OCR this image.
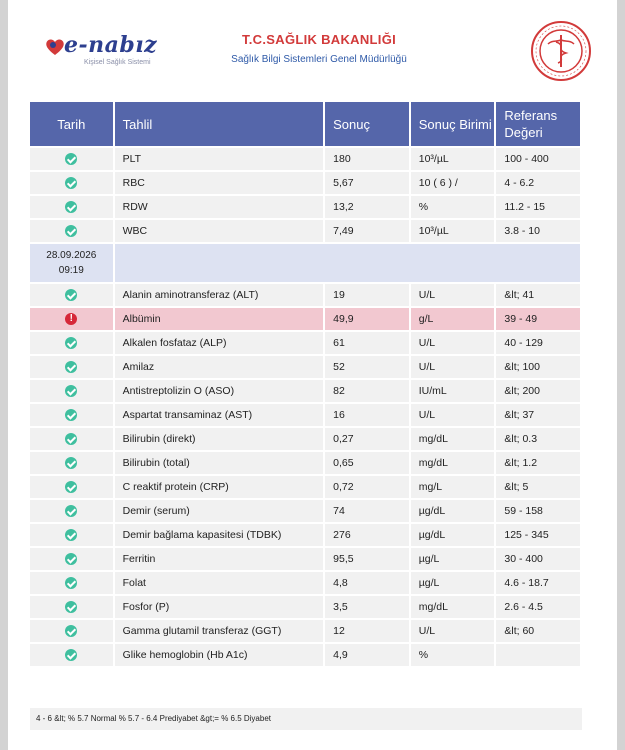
e-nabız
Kişisel Sağlık Sistemi
T.C.SAĞLIK BAKANLIĞI
Sağlık Bilgi Sistemleri Genel Müdürlüğü
Tarih	Tahlil	Sonuç	Sonuç Birimi	Referans Değeri
	PLT	180	10³/µL	100 - 400
	RBC	5,67	10 ( 6 ) /	4 - 6.2
	RDW	13,2	%	11.2 - 15
	WBC	7,49	10³/µL	3.8 - 10

28.09.2026
09:19				

	Alanin aminotransferaz (ALT)	19	U/L	&lt; 41
!	Albümin	49,9	g/L	39 - 49
	Alkalen fosfataz (ALP)	61	U/L	40 - 129
	Amilaz	52	U/L	&lt; 100
	Antistreptolizin O (ASO)	82	IU/mL	&lt; 200
	Aspartat transaminaz (AST)	16	U/L	&lt; 37
	Bilirubin (direkt)	0,27	mg/dL	&lt; 0.3
	Bilirubin (total)	0,65	mg/dL	&lt; 1.2
	C reaktif protein (CRP)	0,72	mg/L	&lt; 5
	Demir (serum)	74	µg/dL	59 - 158
	Demir bağlama kapasitesi (TDBK)	276	µg/dL	125 - 345
	Ferritin	95,5	µg/L	30 - 400
	Folat	4,8	µg/L	4.6 - 18.7
	Fosfor (P)	3,5	mg/dL	2.6 - 4.5
	Gamma glutamil transferaz (GGT)	12	U/L	&lt; 60
	Glike hemoglobin (Hb A1c)	4,9	%	
4 - 6 &lt; % 5.7 Normal % 5.7 - 6.4 Prediyabet &gt;= % 6.5 Diyabet
